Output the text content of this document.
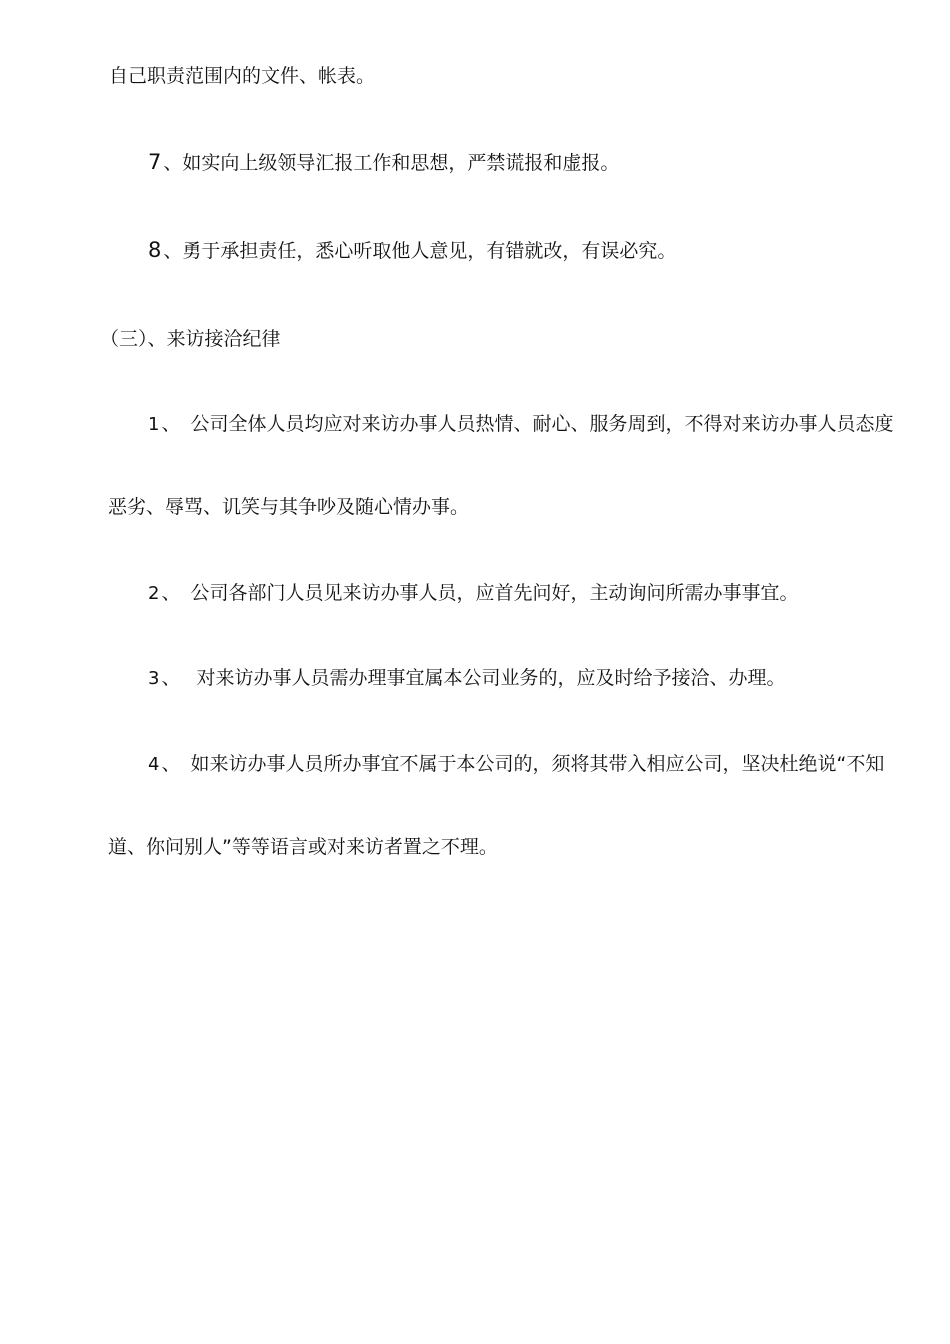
自己职责范围内的文件、帐表。
7 、如实向上级领导汇报工作和思想，严禁谎报和虚报。
8 、勇于承担责任，悉心听取他人意见，有错就改，有误必究。
（三）、来访接洽纪律
1 、 公司全体人员均应对来访办事人员热情、耐心、服务周到，不得对来访办事人员态度
恶劣、辱骂、讥笑与其争吵及随心情办事。
2 、 公司各部门人员见来访办事人员，应首先问好，主动询问所需办事事宜。
3 、 对来访办事人员需办理事宜属本公司业务的，应及时给予接洽、办理。
4 、 如来访办事人员所办事宜不属于本公司的，须将其带入相应公司，坚决杜绝说“不知
道、你问别人”等等语言或对来访者置之不理。
